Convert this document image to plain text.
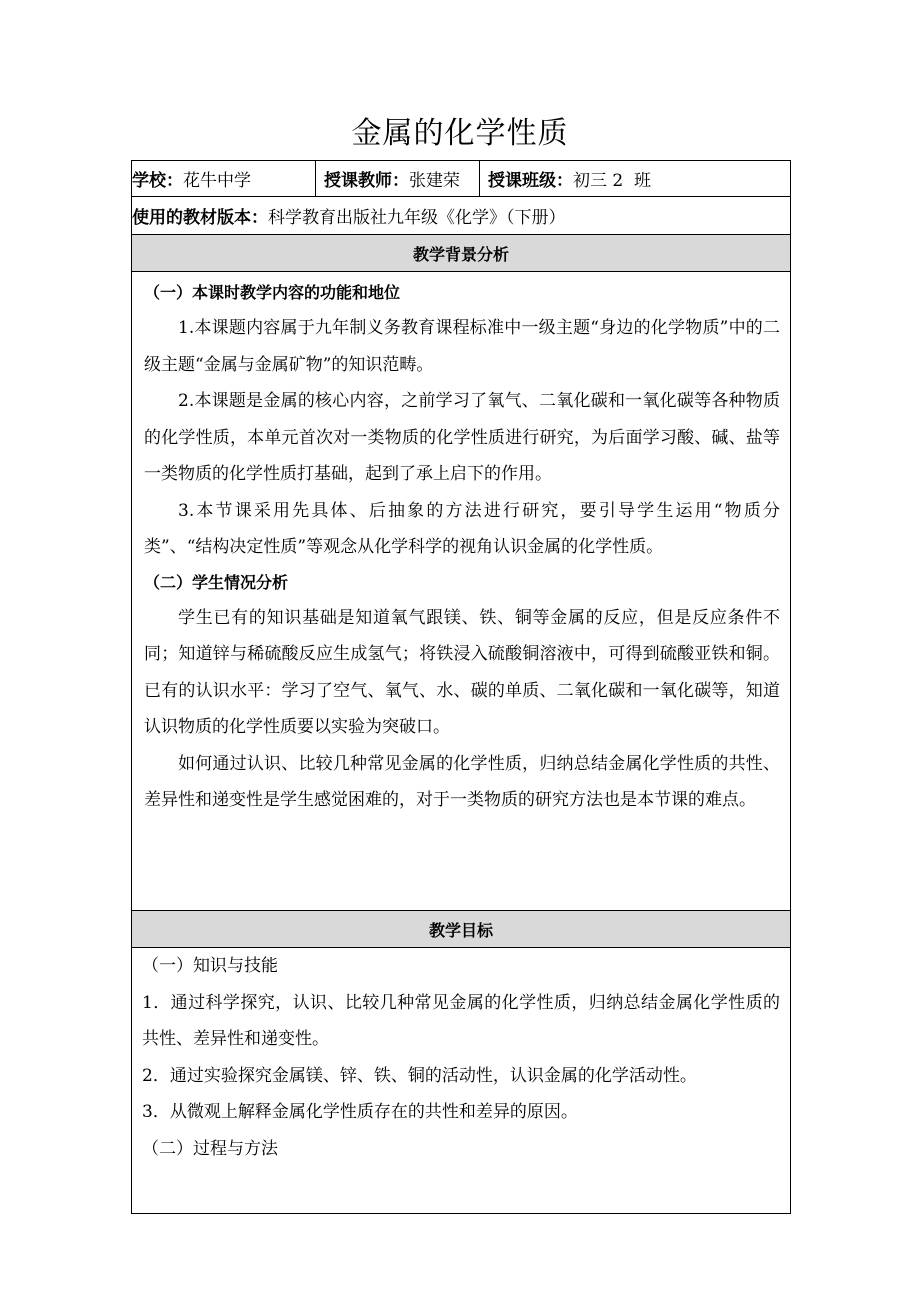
金属的化学性质
学校：花牛中学	授课教师：张建荣	授课班级：初三 2  班
使用的教材版本：科学教育出版社九年级《化学》（下册）
教学背景分析

（一）本课时教学内容的功能和地位

1.本课题内容属于九年制义务教育课程标准中一级主题“身边的化学物质”中的二级主题“金属与金属矿物”的知识范畴。

2.本课题是金属的核心内容，之前学习了氧气、二氧化碳和一氧化碳等各种物质的化学性质，本单元首次对一类物质的化学性质进行研究，为后面学习酸、碱、盐等一类物质的化学性质打基础，起到了承上启下的作用。

3.本节课采用先具体、后抽象的方法进行研究，要引导学生运用“物质分类”、“结构决定性质”等观念从化学科学的视角认识金属的化学性质。

（二）学生情况分析

学生已有的知识基础是知道氧气跟镁、铁、铜等金属的反应，但是反应条件不同；知道锌与稀硫酸反应生成氢气；将铁浸入硫酸铜溶液中，可得到硫酸亚铁和铜。已有的认识水平：学习了空气、氧气、水、碳的单质、二氧化碳和一氧化碳等，知道认识物质的化学性质要以实验为突破口。

如何通过认识、比较几种常见金属的化学性质，归纳总结金属化学性质的共性、差异性和递变性是学生感觉困难的，对于一类物质的研究方法也是本节课的难点。

教学目标

（一）知识与技能

1．通过科学探究，认识、比较几种常见金属的化学性质，归纳总结金属化学性质的共性、差异性和递变性。

2．通过实验探究金属镁、锌、铁、铜的活动性，认识金属的化学活动性。

3．从微观上解释金属化学性质存在的共性和差异的原因。

（二）过程与方法
